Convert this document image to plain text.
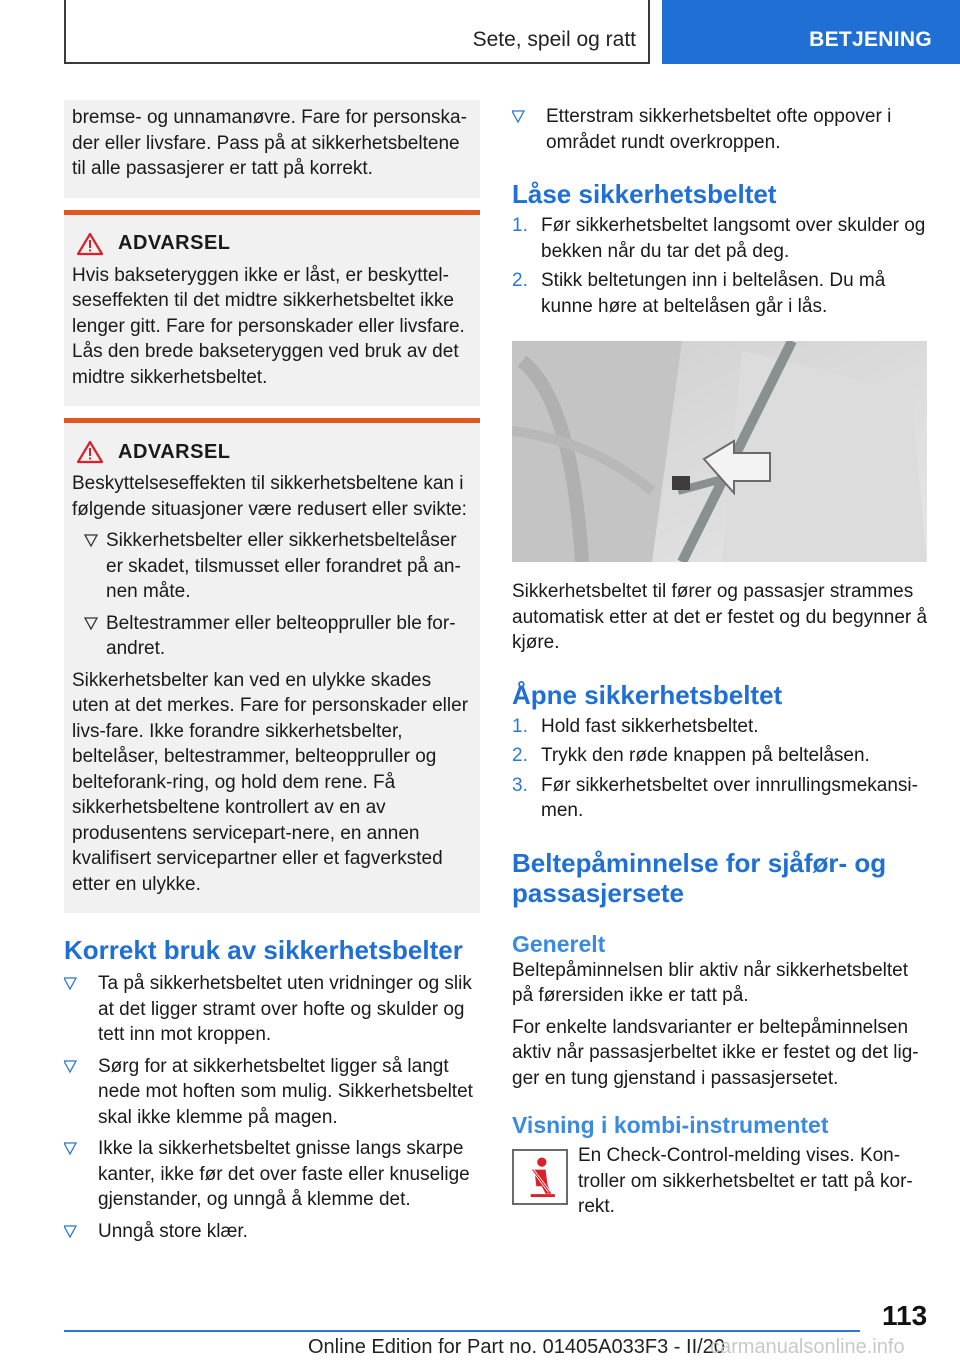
Sete, speil og ratt	BETJENING

bremse- og unnamanøvre. Fare for personska-der eller livsfare. Pass på at sikkerhetsbeltene til alle passasjerer er tatt på korrekt.

ADVARSEL

Hvis bakseteryggen ikke er låst, er beskyttel-seseffekten til det midtre sikkerhetsbeltet ikke lenger gitt. Fare for personskader eller livsfare. Lås den brede bakseteryggen ved bruk av det midtre sikkerhetsbeltet.

ADVARSEL

Beskyttelseseffekten til sikkerhetsbeltene kan i følgende situasjoner være redusert eller svikte:

Sikkerhetsbelter eller sikkerhetsbeltelåser er skadet, tilsmusset eller forandret på an-nen måte.
Beltestrammer eller belteoppruller ble for-andret.

Sikkerhetsbelter kan ved en ulykke skades uten at det merkes. Fare for personskader eller livs-fare. Ikke forandre sikkerhetsbelter, beltelåser, beltestrammer, belteoppruller og belteforank-ring, og hold dem rene. Få sikkerhetsbeltene kontrollert av en av produsentens servicepart-nere, en annen kvalifisert servicepartner eller et fagverksted etter en ulykke.

Korrekt bruk av sikkerhetsbelter
Ta på sikkerhetsbeltet uten vridninger og slik at det ligger stramt over hofte og skulder og tett inn mot kroppen.
Sørg for at sikkerhetsbeltet ligger så langt nede mot hoften som mulig. Sikkerhetsbeltet skal ikke klemme på magen.
Ikke la sikkerhetsbeltet gnisse langs skarpe kanter, ikke før det over faste eller knuselige gjenstander, og unngå å klemme det.
Unngå store klær.
Etterstram sikkerhetsbeltet ofte oppover i området rundt overkroppen.
Låse sikkerhetsbeltet
1. Før sikkerhetsbeltet langsomt over skulder og bekken når du tar det på deg.
2. Stikk beltetungen inn i beltelåsen. Du må kunne høre at beltelåsen går i lås.

Sikkerhetsbeltet til fører og passasjer strammes automatisk etter at det er festet og du begynner å kjøre.

Åpne sikkerhetsbeltet
1. Hold fast sikkerhetsbeltet.
2. Trykk den røde knappen på beltelåsen.
3. Før sikkerhetsbeltet over innrullingsmekansi-men.
Beltepåminnelse for sjåfør- og
passasjersete
Generelt

Beltepåminnelsen blir aktiv når sikkerhetsbeltet på førersiden ikke er tatt på.

For enkelte landsvarianter er beltepåminnelsen aktiv når passasjerbeltet ikke er festet og det lig-ger en tung gjenstand i passasjersetet.

Visning i kombi-instrumentet

En Check-Control-melding vises. Kon-troller om sikkerhetsbeltet er tatt på kor-rekt.

113
Online Edition for Part no. 01405A033F3 - II/20
carmanualsonline.info
